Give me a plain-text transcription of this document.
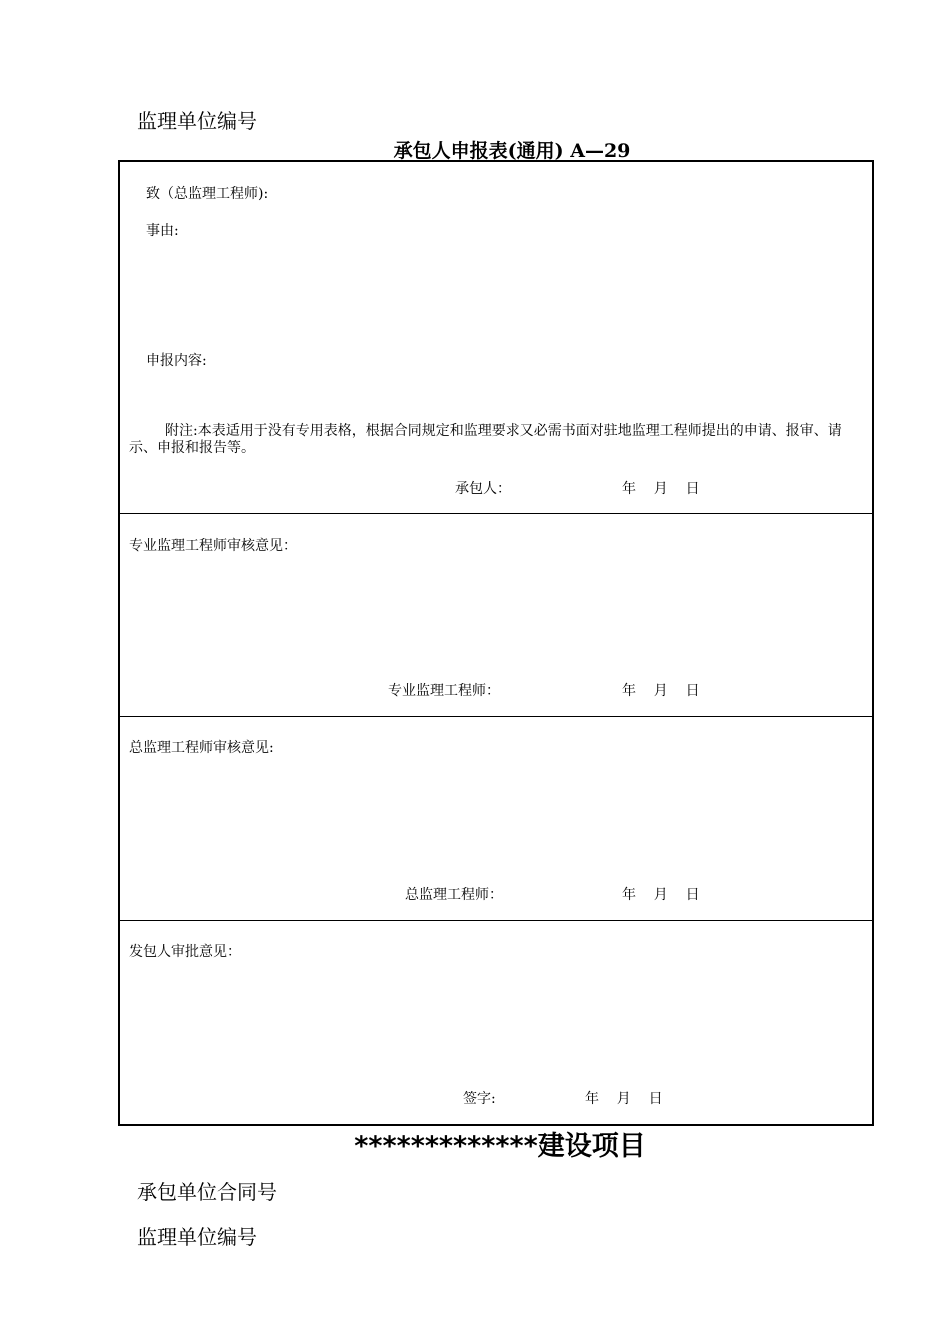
监理单位编号
承包人申报表(通用) A—29
致（总监理工程师):
事由:
申报内容:
附注:本表适用于没有专用表格，根据合同规定和监理要求又必需书面对驻地监理工程师提出的申请、报审、请示、申报和报告等。
承包人：	年    月    日
专业监理工程师审核意见：
专业监理工程师：	年    月    日
总监理工程师审核意见:
总监理工程师：	年    月    日
发包人审批意见：
签字:	年    月    日
*************建设项目
承包单位合同号
监理单位编号
